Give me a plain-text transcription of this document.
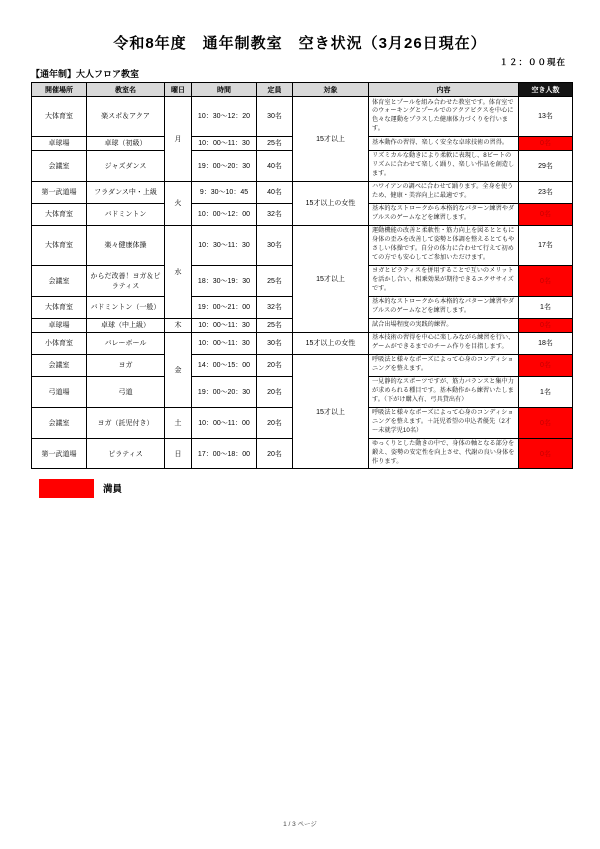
令和8年度　通年制教室　空き状況（3月26日現在）
１２：００現在
【通年制】大人フロア教室
開催場所	教室名	曜日	時間	定員	対象	内容	空き人数
大体育室	楽スポ＆アクア	月	10：30～12：20	30名	15才以上	体育室とプールを組み合わせた教室です。体育室でのウォーキングとプールでのアクアビクスを中心に色々な運動をプラスした健康体力づくりを行います。	13名
卓球場	卓球（初級）		10：00～11：30	25名		基本動作の習得、楽しく安全な卓球技術の習得。	0名
会議室	ジャズダンス		19：00～20：30	40名		リズミカルな動きにより柔軟に表現し、8ビートのリズムに合わせて楽しく踊り、楽しい作品を創造します。	29名
第一武道場	フラダンス中・上級	火	9：30～10：45	40名	15才以上の女性	ハワイアンの調べに合わせて踊ります。全身を使うため、健康・美容向上に最適です。	23名
大体育室	バドミントン		10：00～12：00	32名		基本的なストロークから本格的なパターン練習やダブルスのゲームなどを練習します。	0名
大体育室	楽々健康体操	水	10：30～11：30	30名	15才以上	運動機能の改善と柔軟性・筋力向上を図るとともに身体の歪みを改善して姿勢と体調を整えるとてもやさしい体操です。自分の体力に合わせて行えて初めての方でも安心してご参加いただけます。	17名
会議室	からだ改善！ヨガ＆ピラティス		18：30～19：30	25名		ヨガとピラティスを併用することで互いのメリットを活かし合い、相乗効果が期待できるエクササイズです。	0名
大体育室	バドミントン（一般）		19：00～21：00	32名		基本的なストロークから本格的なパターン練習やダブルスのゲームなどを練習します。	1名
卓球場	卓球（中上級）	木	10：00～11：30	25名		試合出場程度の実践的練習。	0名
小体育室	バレーボール	金	10：00～11：30	30名	15才以上の女性	基本技術の習得を中心に楽しみながら練習を行い、ゲームができるまでのチーム作りを目指します。	18名
会議室	ヨガ		14：00～15：00	20名	15才以上	呼吸法と様々なポーズによって心身のコンディショニングを整えます。	0名
弓道場	弓道		19：00～20：30	20名		一見静的なスポーツですが、筋力バランスと集中力が求められる種目です。基本動作から練習いたします。（下がけ購入有、弓具貸出有）	1名
会議室	ヨガ（託児付き）	土	10：00～11：00	20名		呼吸法と様々なポーズによって心身のコンディショニングを整えます。＋託児希望の申込者優先（2才～未就学児10名）	0名
第一武道場	ピラティス	日	17：00～18：00	20名		ゆっくりとした動きの中で、身体の軸となる部分を鍛え、姿勢の安定性を向上させ、代謝の良い身体を作ります。	0名
満員
1 / 3 ページ
